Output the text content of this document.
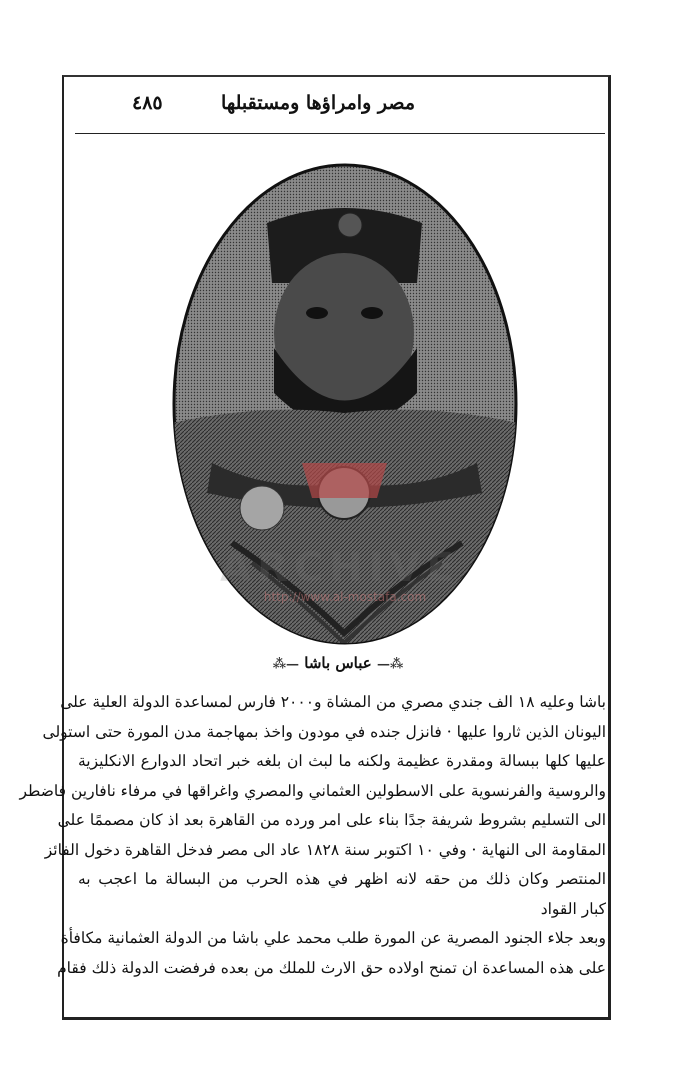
مصر وامراؤها ومستقبلها
٤٨٥
ARCHIVE
http://www.al-mostafa.com
⁂— عباس باشا —⁂

باشا وعليه ١٨ الف جندي مصري من المشاة و٢٠٠٠ فارس لمساعدة الدولة العلية على
اليونان الذين ثاروا عليها · فانزل جنده في مودون واخذ بمهاجمة مدن المورة حتى استولى
عليها كلها ببسالة ومقدرة عظيمة ولكنه ما لبث ان بلغه خبر اتحاد الدوارع الانكليزية
والروسية والفرنسوية على الاسطولين العثماني والمصري واغراقها في مرفاء نافارين فاضطر
الى التسليم بشروط شريفة جدًا بناء على امر ورده من القاهرة بعد اذ كان مصممًا على
المقاومة الى النهاية · وفي ١٠ اكتوبر سنة ١٨٢٨ عاد الى مصر فدخل القاهرة دخول الفائز
المنتصر وكان ذلك من حقه لانه اظهر في هذه الحرب من البسالة ما اعجب به
كبار القواد

وبعد جلاء الجنود المصرية عن المورة طلب محمد علي باشا من الدولة العثمانية مكافأة
على هذه المساعدة ان تمنح اولاده حق الارث للملك من بعده فرفضت الدولة ذلك فقام
